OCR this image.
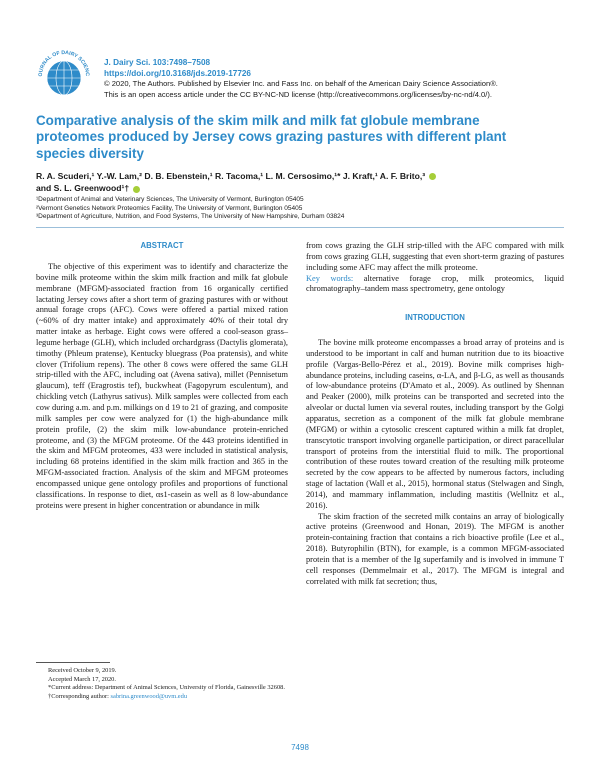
OURNAL OF DAIRY SCIENC
J. Dairy Sci. 103:7498–7508
https://doi.org/10.3168/jds.2019-17726
© 2020, The Authors. Published by Elsevier Inc. and Fass Inc. on behalf of the American Dairy Science Association®.
This is an open access article under the CC BY-NC-ND license (http://creativecommons.org/licenses/by-nc-nd/4.0/).
Comparative analysis of the skim milk and milk fat globule membrane proteomes produced by Jersey cows grazing pastures with different plant species diversity
R. A. Scuderi,¹ Y.-W. Lam,² D. B. Ebenstein,¹ R. Tacoma,¹ L. M. Cersosimo,¹* J. Kraft,¹ A. F. Brito,³
and S. L. Greenwood¹†
¹Department of Animal and Veterinary Sciences, The University of Vermont, Burlington 05405
²Vermont Genetics Network Proteomics Facility, The University of Vermont, Burlington 05405
³Department of Agriculture, Nutrition, and Food Systems, The University of New Hampshire, Durham 03824
ABSTRACT

The objective of this experiment was to identify and characterize the bovine milk proteome within the skim milk fraction and milk fat globule membrane (MFGM)-associated fraction from 16 organically certified lactating Jersey cows after a short term of grazing pastures with or without annual forage crops (AFC). Cows were offered a partial mixed ration (~60% of dry matter intake) and approximately 40% of their total dry matter intake as herbage. Eight cows were offered a cool-season grass–legume herbage (GLH), which included orchardgrass (Dactylis glomerata), timothy (Phleum pratense), Kentucky bluegrass (Poa pratensis), and white clover (Trifolium repens). The other 8 cows were offered the same GLH strip-tilled with the AFC, including oat (Avena sativa), millet (Pennisetum glaucum), teff (Eragrostis tef), buckwheat (Fagopyrum esculentum), and chickling vetch (Lathyrus sativus). Milk samples were collected from each cow during a.m. and p.m. milkings on d 19 to 21 of grazing, and composite milk samples per cow were analyzed for (1) the high-abundance milk protein profile, (2) the skim milk low-abundance protein-enriched proteome, and (3) the MFGM proteome. Of the 443 proteins identified in the skim and MFGM proteomes, 433 were included in statistical analysis, including 68 proteins identified in the skim milk fraction and 365 in the MFGM-associated fraction. Analysis of the skim and MFGM proteomes encompassed unique gene ontology profiles and proportions of functional classifications. In response to diet, αs1-casein as well as 8 low-abundance proteins were present in higher concentration or abundance in milk

Received October 9, 2019.
Accepted March 17, 2020.
*Current address: Department of Animal Sciences, University of Florida, Gainesville 32608.
†Corresponding author: sabrina.greenwood@uvm.edu

from cows grazing the GLH strip-tilled with the AFC compared with milk from cows grazing GLH, suggesting that even short-term grazing of pastures including some AFC may affect the milk proteome.

Key words: alternative forage crop, milk proteomics, liquid chromatography–tandem mass spectrometry, gene ontology

INTRODUCTION

The bovine milk proteome encompasses a broad array of proteins and is understood to be important in calf and human nutrition due to its bioactive profile (Vargas-Bello-Pérez et al., 2019). Bovine milk comprises high-abundance proteins, including caseins, α-LA, and β-LG, as well as thousands of low-abundance proteins (D'Amato et al., 2009). As outlined by Shennan and Peaker (2000), milk proteins can be transported and secreted into the alveolar or ductal lumen via several routes, including transport by the Golgi apparatus, secretion as a component of the milk fat globule membrane (MFGM) or within a cytosolic crescent captured within a milk fat droplet, transcytotic transport involving organelle participation, or direct paracellular transport of proteins from the interstitial fluid to milk. The proportional contribution of these routes toward creation of the resulting milk proteome secreted by the cow appears to be affected by numerous factors, including stage of lactation (Wall et al., 2015), hormonal status (Stelwagen and Singh, 2014), and mammary inflammation, including mastitis (Wellnitz et al., 2016).

The skim fraction of the secreted milk contains an array of biologically active proteins (Greenwood and Honan, 2019). The MFGM is another protein-containing fraction that contains a rich bioactive profile (Lee et al., 2018). Butyrophilin (BTN), for example, is a common MFGM-associated protein that is a member of the Ig superfamily and is involved in immune T cell responses (Demmelmair et al., 2017). The MFGM is integral and correlated with milk fat secretion; thus,

7498
